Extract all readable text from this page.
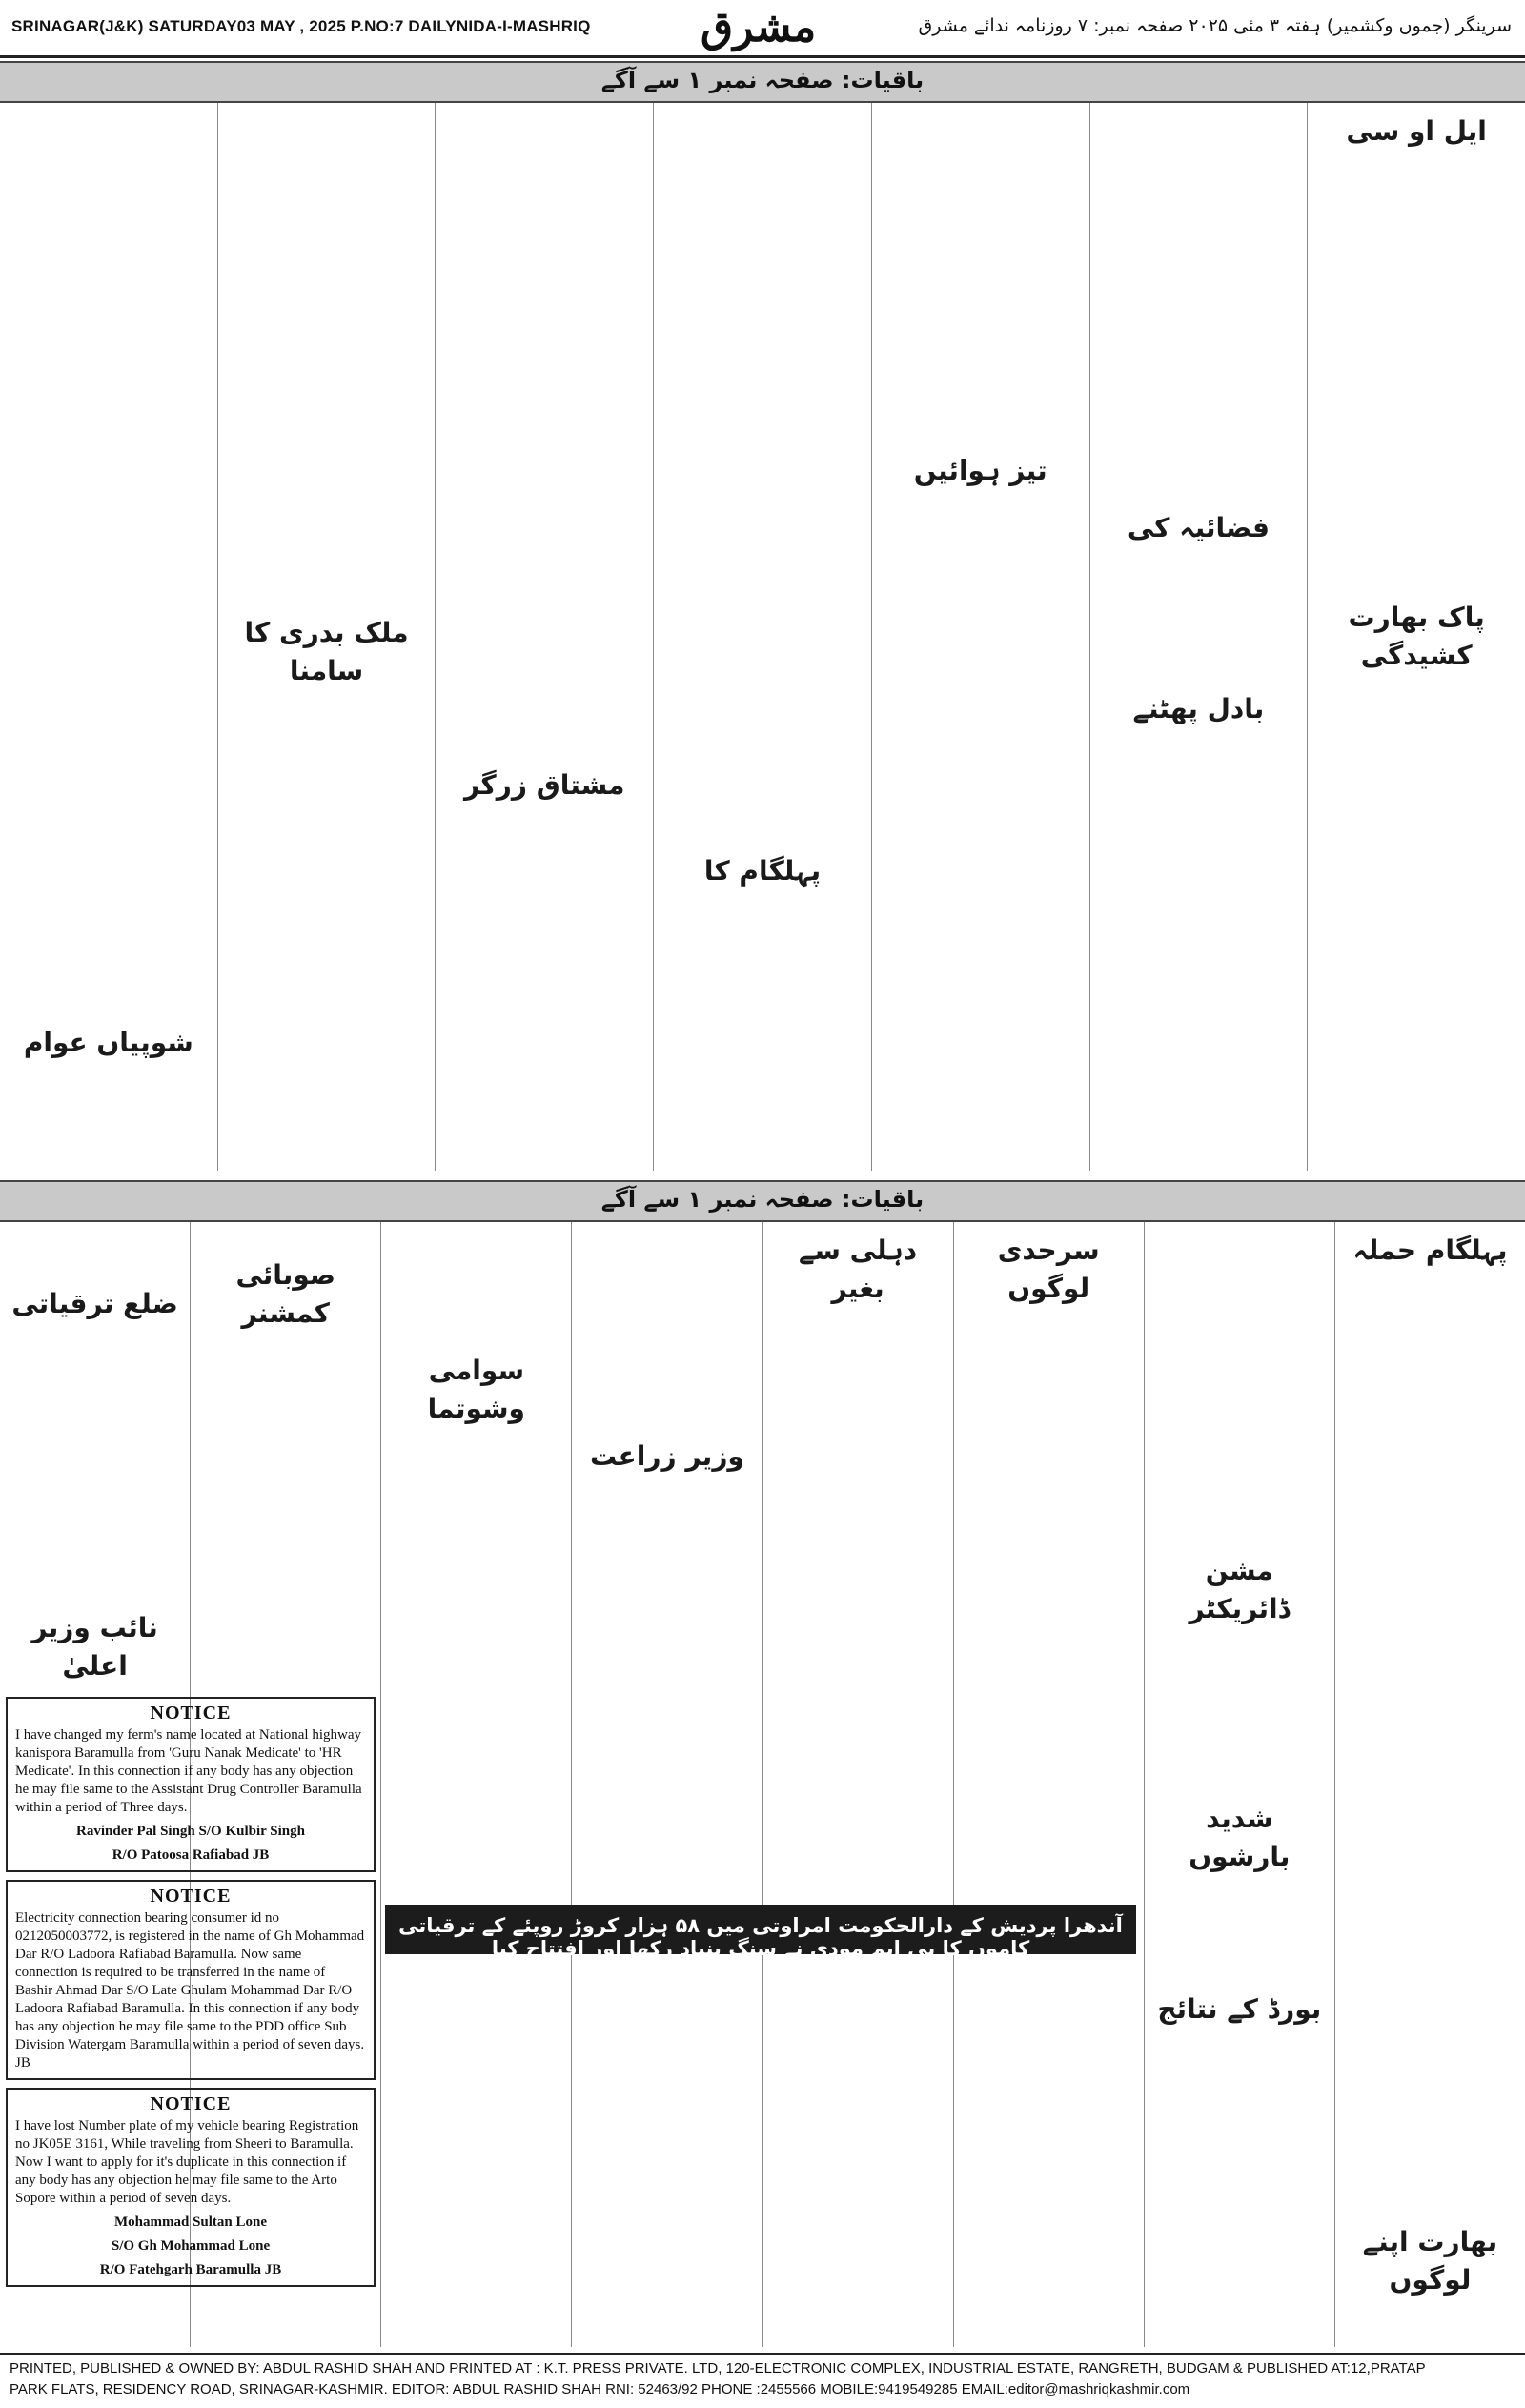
SRINAGAR(J&K) SATURDAY03 MAY , 2025 P.NO:7 DAILYNIDA-I-MASHRIQ	مشرق	سرینگر (جموں وکشمیر) ہفتہ ۳ مئی ۲۰۲۵ صفحہ نمبر: ۷ روزنامہ ندائے مشرق
باقیات: صفحہ نمبر ۱ سے آگے
ایل او سی
پاک بھارت کشیدگی
فضائیہ کی
بادل پھٹنے
تیز ہوائیں
پہلگام کا
مشتاق زرگر
ملک بدری کا سامنا
شوپیاں عوام
باقیات: صفحہ نمبر ۱ سے آگے
پہلگام حملہ
بھارت اپنے لوگوں
مشن ڈائریکٹر
شدید بارشوں
بورڈ کے نتائج
سرحدی لوگوں
دہلی سے بغیر
وزیر زراعت
سوامی وشوتما
صوبائی کمشنر
ضلع ترقیاتی
نائب وزیر اعلیٰ
NOTICE
I have changed my ferm's name located at National highway kanispora Baramulla from 'Guru Nanak Medicate' to 'HR Medicate'. In this connection if any body has any objection he may file same to the Assistant Drug Controller Baramulla within a period of Three days.
Ravinder Pal Singh S/O Kulbir Singh
R/O Patoosa Rafiabad JB
NOTICE
Electricity connection bearing consumer id no 0212050003772, is registered in the name of Gh Mohammad Dar R/O Ladoora Rafiabad Baramulla. Now same connection is required to be transferred in the name of Bashir Ahmad Dar S/O Late Ghulam Mohammad Dar R/O Ladoora Rafiabad Baramulla. In this connection if any body has any objection he may file same to the PDD office Sub Division Watergam Baramulla within a period of seven days. JB
NOTICE
I have lost Number plate of my vehicle bearing Registration no JK05E 3161, While traveling from Sheeri to Baramulla. Now I want to apply for it's duplicate in this connection if any body has any objection he may file same to the Arto Sopore within a period of seven days.
Mohammad Sultan Lone
S/O Gh Mohammad Lone
R/O Fatehgarh Baramulla JB
آندھرا پردیش کے دارالحکومت امراوتی میں ۵۸ ہزار کروڑ روپئے کے ترقیاتی کاموں کا پی ایم مودی نے سنگ بنیاد رکھا اور افتتاح کیا
PRINTED, PUBLISHED & OWNED BY: ABDUL RASHID SHAH AND PRINTED AT : K.T. PRESS PRIVATE. LTD, 120-ELECTRONIC COMPLEX, INDUSTRIAL ESTATE, RANGRETH, BUDGAM & PUBLISHED AT:12,PRATAP
PARK FLATS, RESIDENCY ROAD, SRINAGAR-KASHMIR. EDITOR: ABDUL RASHID SHAH RNI: 52463/92 PHONE :2455566 MOBILE:9419549285 EMAIL:editor@mashriqkashmir.com
